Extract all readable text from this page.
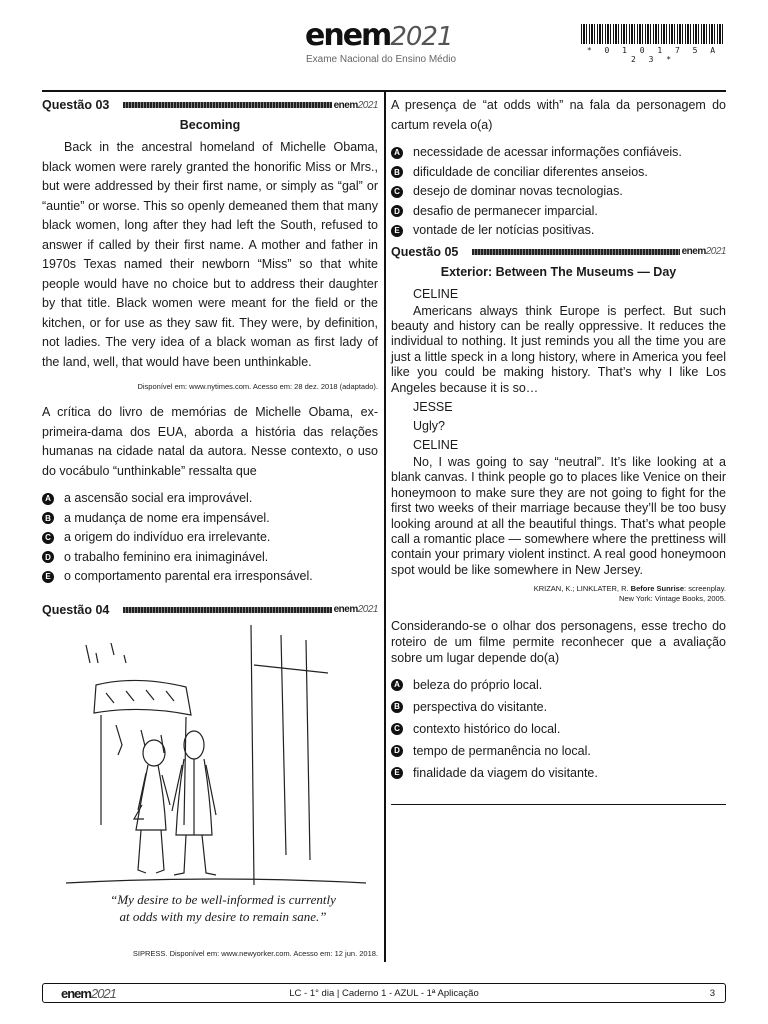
enem2021
Exame Nacional do Ensino Médio
* 0 1 0 1 7 5 A 2 3 *
Questão 03	enem2021
Becoming

Back in the ancestral homeland of Michelle Obama, black women were rarely granted the honorific Miss or Mrs., but were addressed by their first name, or simply as “gal” or “auntie” or worse. This so openly demeaned them that many black women, long after they had left the South, refused to answer if called by their first name. A mother and father in 1970s Texas named their newborn “Miss” so that white people would have no choice but to address their daughter by that title. Black women were meant for the field or the kitchen, or for use as they saw fit. They were, by definition, not ladies. The very idea of a black woman as first lady of the land, well, that would have been unthinkable.

Disponível em: www.nytimes.com. Acesso em: 28 dez. 2018 (adaptado).

A crítica do livro de memórias de Michelle Obama, ex-primeira-dama dos EUA, aborda a história das relações humanas na cidade natal da autora. Nesse contexto, o uso do vocábulo “unthinkable” ressalta que

A a ascensão social era improvável.
B a mudança de nome era impensável.
C a origem do indivíduo era irrelevante.
D o trabalho feminino era inimaginável.
E o comportamento parental era irresponsável.
Questão 04	enem2021
“My desire to be well-informed is currently
at odds with my desire to remain sane.”
SIPRESS. Disponível em: www.newyorker.com. Acesso em: 12 jun. 2018.

A presença de “at odds with” na fala da personagem do cartum revela o(a)

A necessidade de acessar informações confiáveis.
B dificuldade de conciliar diferentes anseios.
C desejo de dominar novas tecnologias.
D desafio de permanecer imparcial.
E vontade de ler notícias positivas.
Questão 05	enem2021
Exterior: Between The Museums — Day
CELINE

Americans always think Europe is perfect. But such beauty and history can be really oppressive. It reduces the individual to nothing. It just reminds you all the time you are just a little speck in a long history, where in America you feel like you could be making history. That’s why I like Los Angeles because it is so…

JESSE
Ugly?
CELINE

No, I was going to say “neutral”. It’s like looking at a blank canvas. I think people go to places like Venice on their honeymoon to make sure they are not going to fight for the first two weeks of their marriage because they’ll be too busy looking around at all the beautiful things. That’s what people call a romantic place — somewhere where the prettiness will contain your primary violent instinct. A real good honeymoon spot would be like somewhere in New Jersey.

KRIZAN, K.; LINKLATER, R. Before Sunrise: screenplay.
New York: Vintage Books, 2005.

Considerando-se o olhar dos personagens, esse trecho do roteiro de um filme permite reconhecer que a avaliação sobre um lugar depende do(a)

A beleza do próprio local.
B perspectiva do visitante.
C contexto histórico do local.
D tempo de permanência no local.
E finalidade da viagem do visitante.
enem2021	LC - 1° dia | Caderno 1 - AZUL - 1ª Aplicação	3
